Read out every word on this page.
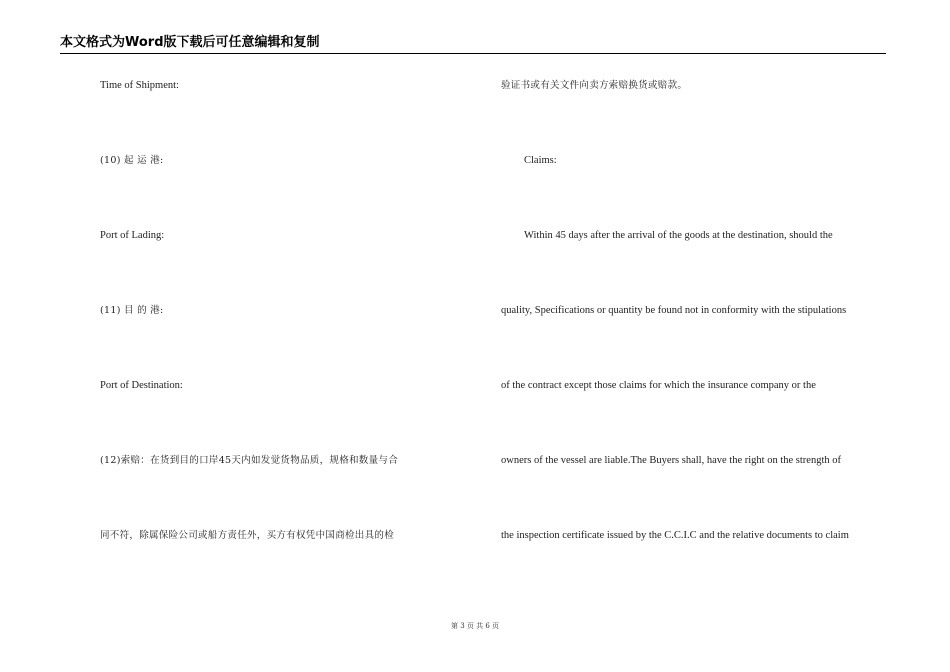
本文格式为Word版下载后可任意编辑和复制
Time of Shipment:
(10) 起 运 港:
Port of Lading:
(11) 目 的 港:
Port of Destination:
(12)索赔：在货到目的口岸45天内如发觉货物品质，规格和数量与合
同不符，除属保险公司或船方责任外，买方有权凭中国商检出具的检
验证书或有关文件向卖方索赔换货或赔款。
Claims:
Within 45 days after the arrival of the goods at the destination, should the
quality, Specifications or quantity be found not in conformity with the stipulations
of the contract except those claims for which the insurance company or the
owners of the vessel are liable.The Buyers shall, have the right on the strength of
the inspection certificate issued by the C.C.I.C and the relative documents to claim
第 3 页 共 6 页
